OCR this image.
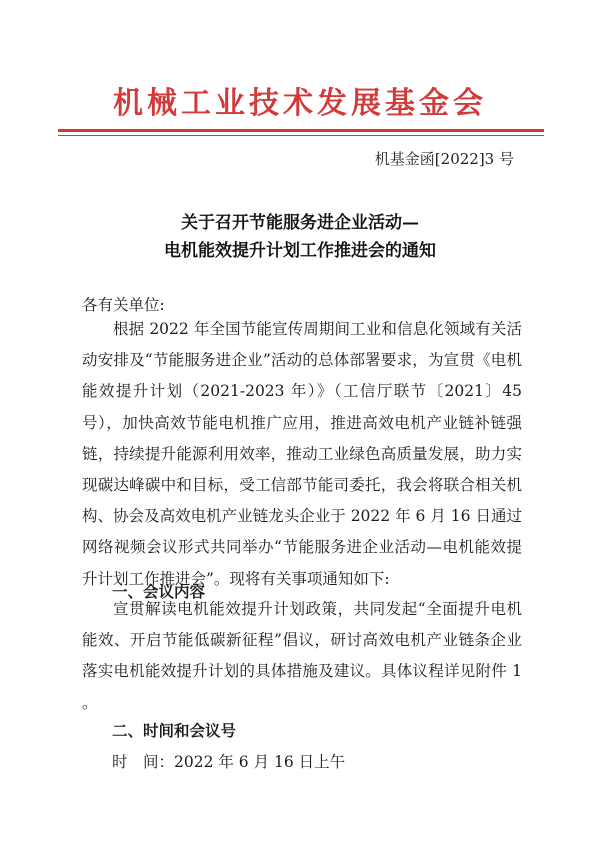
机械工业技术发展基金会
机基金函[2022]3 号
关于召开节能服务进企业活动—
电机能效提升计划工作推进会的通知
各有关单位:

根据 2022 年全国节能宣传周期间工业和信息化领域有关活动安排及“节能服务进企业”活动的总体部署要求，为宣贯《电机能效提升计划（2021-2023 年）》（工信厅联节〔2021〕45 号），加快高效节能电机推广应用，推进高效电机产业链补链强链，持续提升能源利用效率，推动工业绿色高质量发展，助力实现碳达峰碳中和目标，受工信部节能司委托，我会将联合相关机构、协会及高效电机产业链龙头企业于 2022 年 6 月 16 日通过网络视频会议形式共同举办“节能服务进企业活动—电机能效提升计划工作推进会”。现将有关事项通知如下:

一、会议内容

宣贯解读电机能效提升计划政策，共同发起“全面提升电机能效、开启节能低碳新征程”倡议，研讨高效电机产业链条企业落实电机能效提升计划的具体措施及建议。具体议程详见附件 1 。

二、时间和会议号
时　间：2022 年 6 月 16 日上午
